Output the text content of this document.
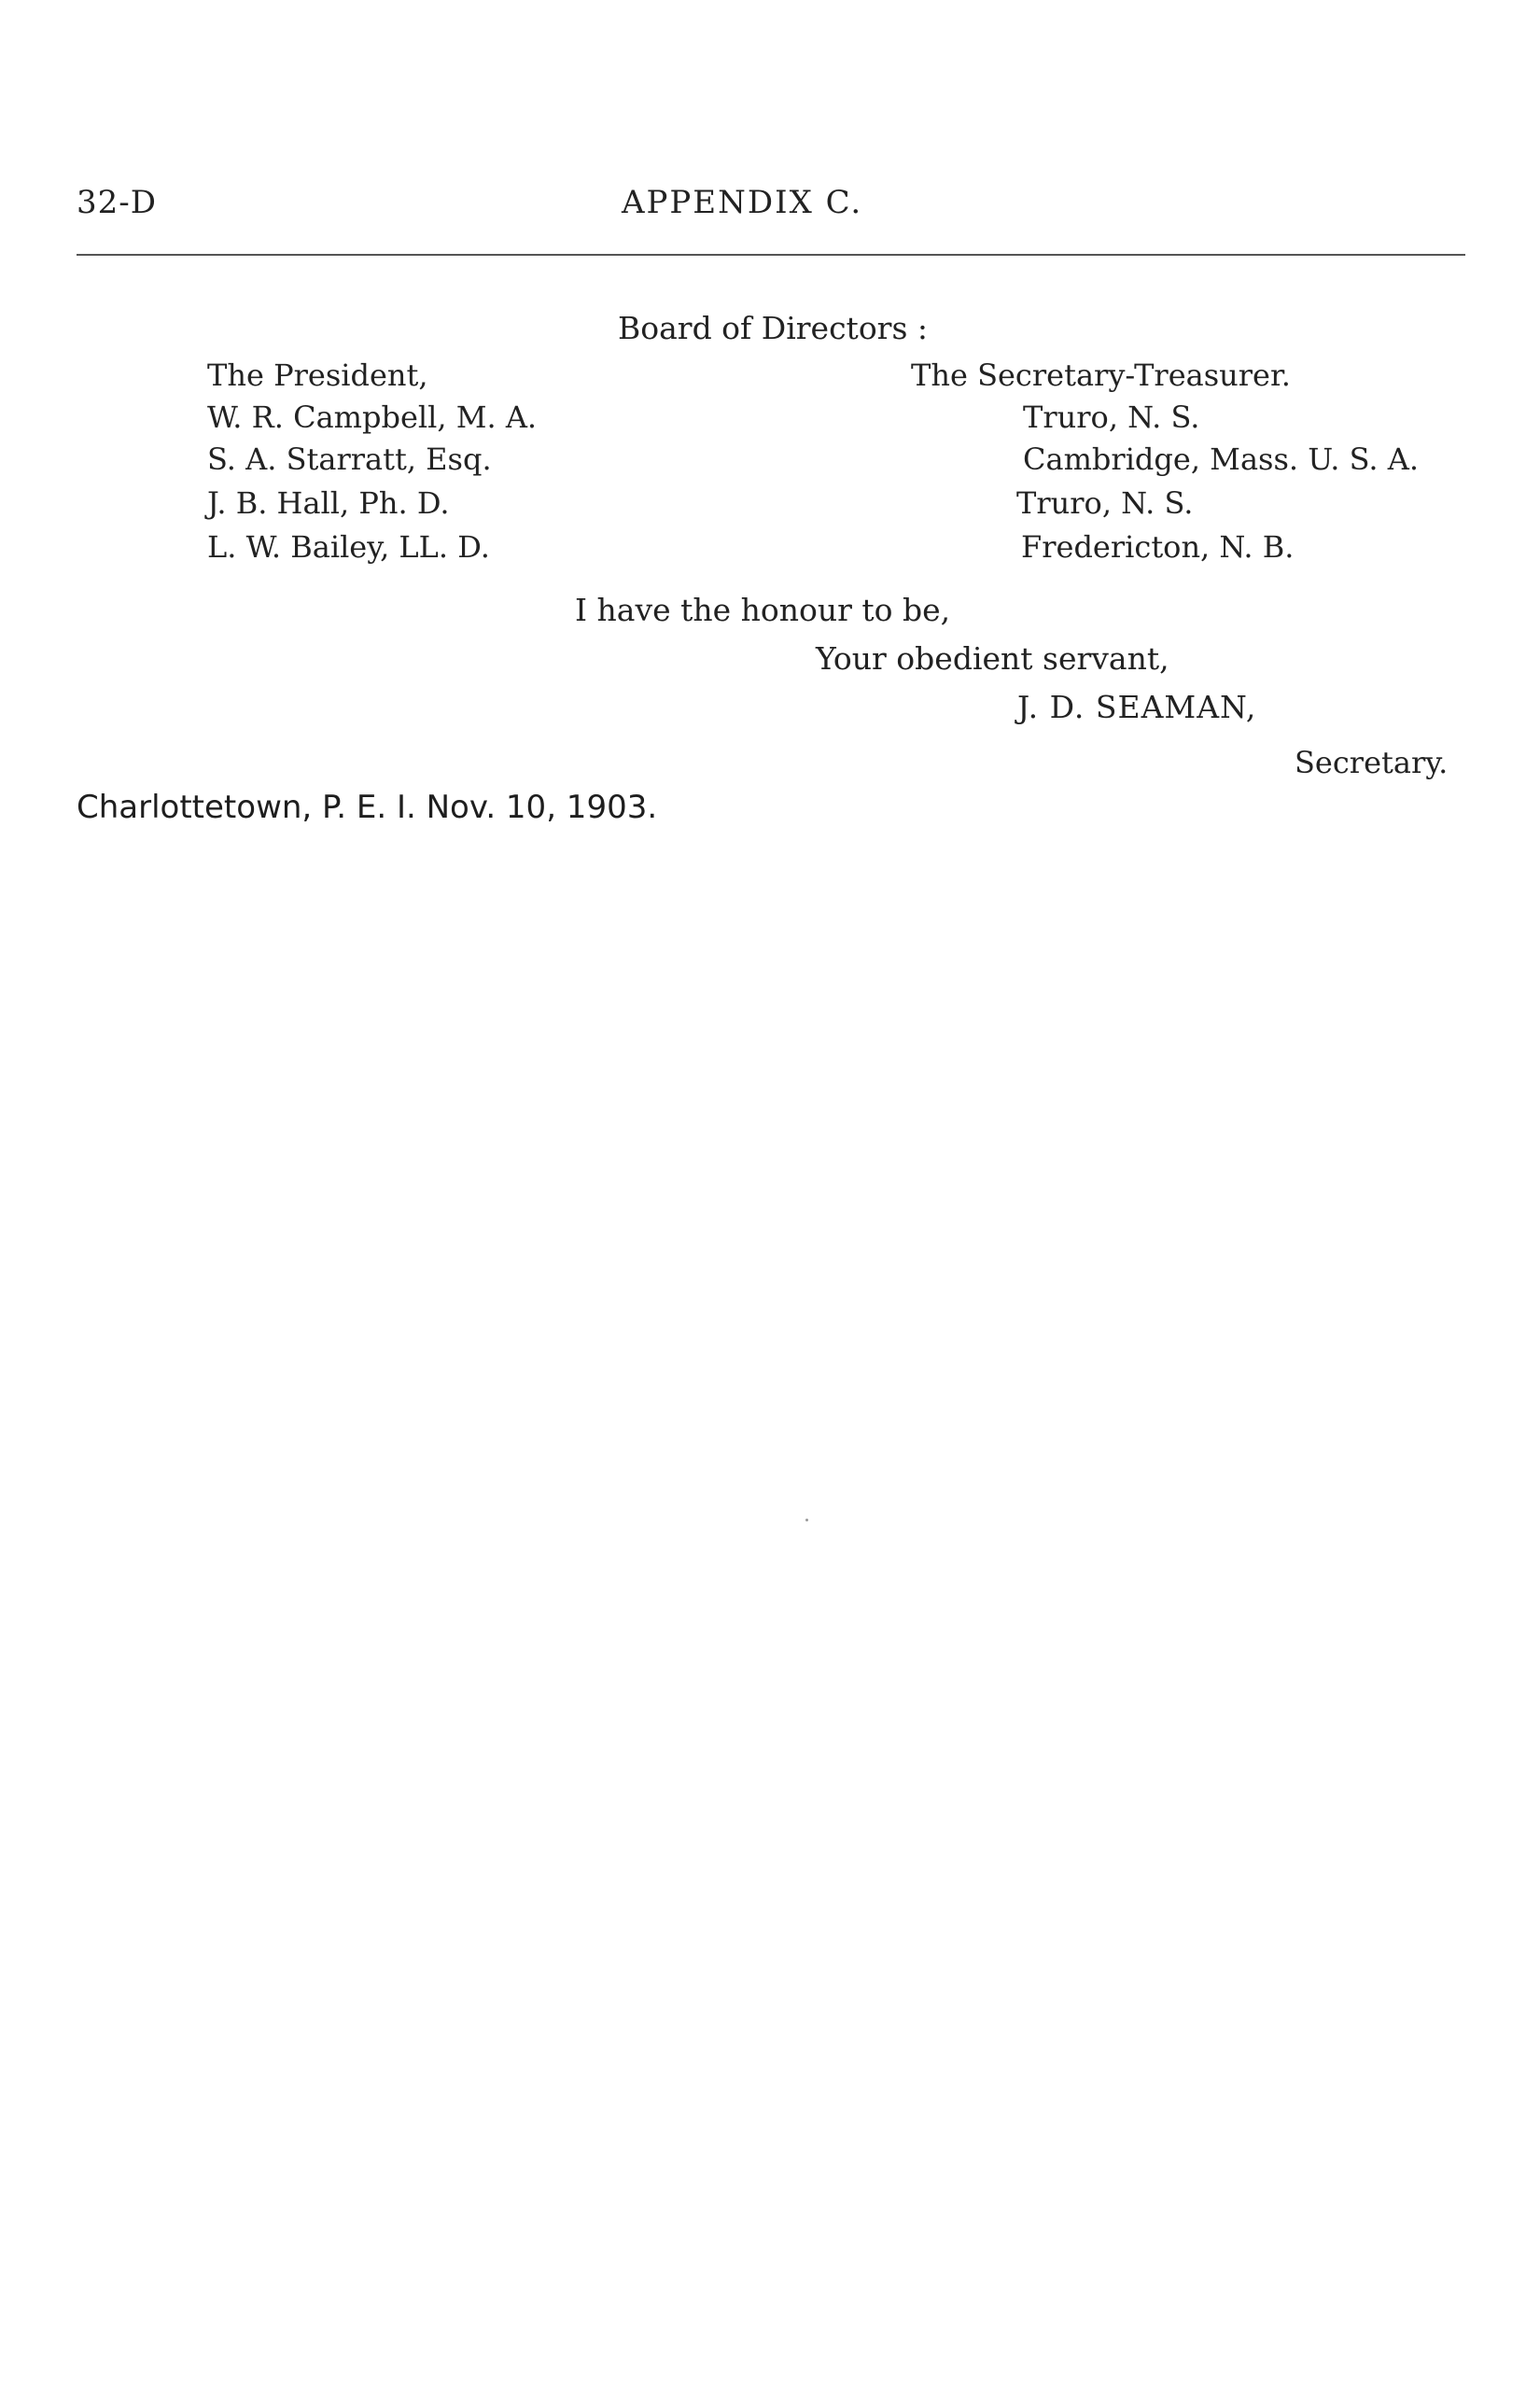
32-D	APPENDIX C.
Board of Directors :
The President,	The Secretary-Treasurer.
W. R. Campbell, M. A.	Truro, N. S.
S. A. Starratt, Esq.	Cambridge, Mass. U. S. A.
J. B. Hall, Ph. D.	Truro, N. S.
L. W. Bailey, LL. D.	Fredericton, N. B.
I have the honour to be,
Your obedient servant,
J. D. SEAMAN,
Secretary.
Charlottetown, P. E. I. Nov. 10, 1903.
